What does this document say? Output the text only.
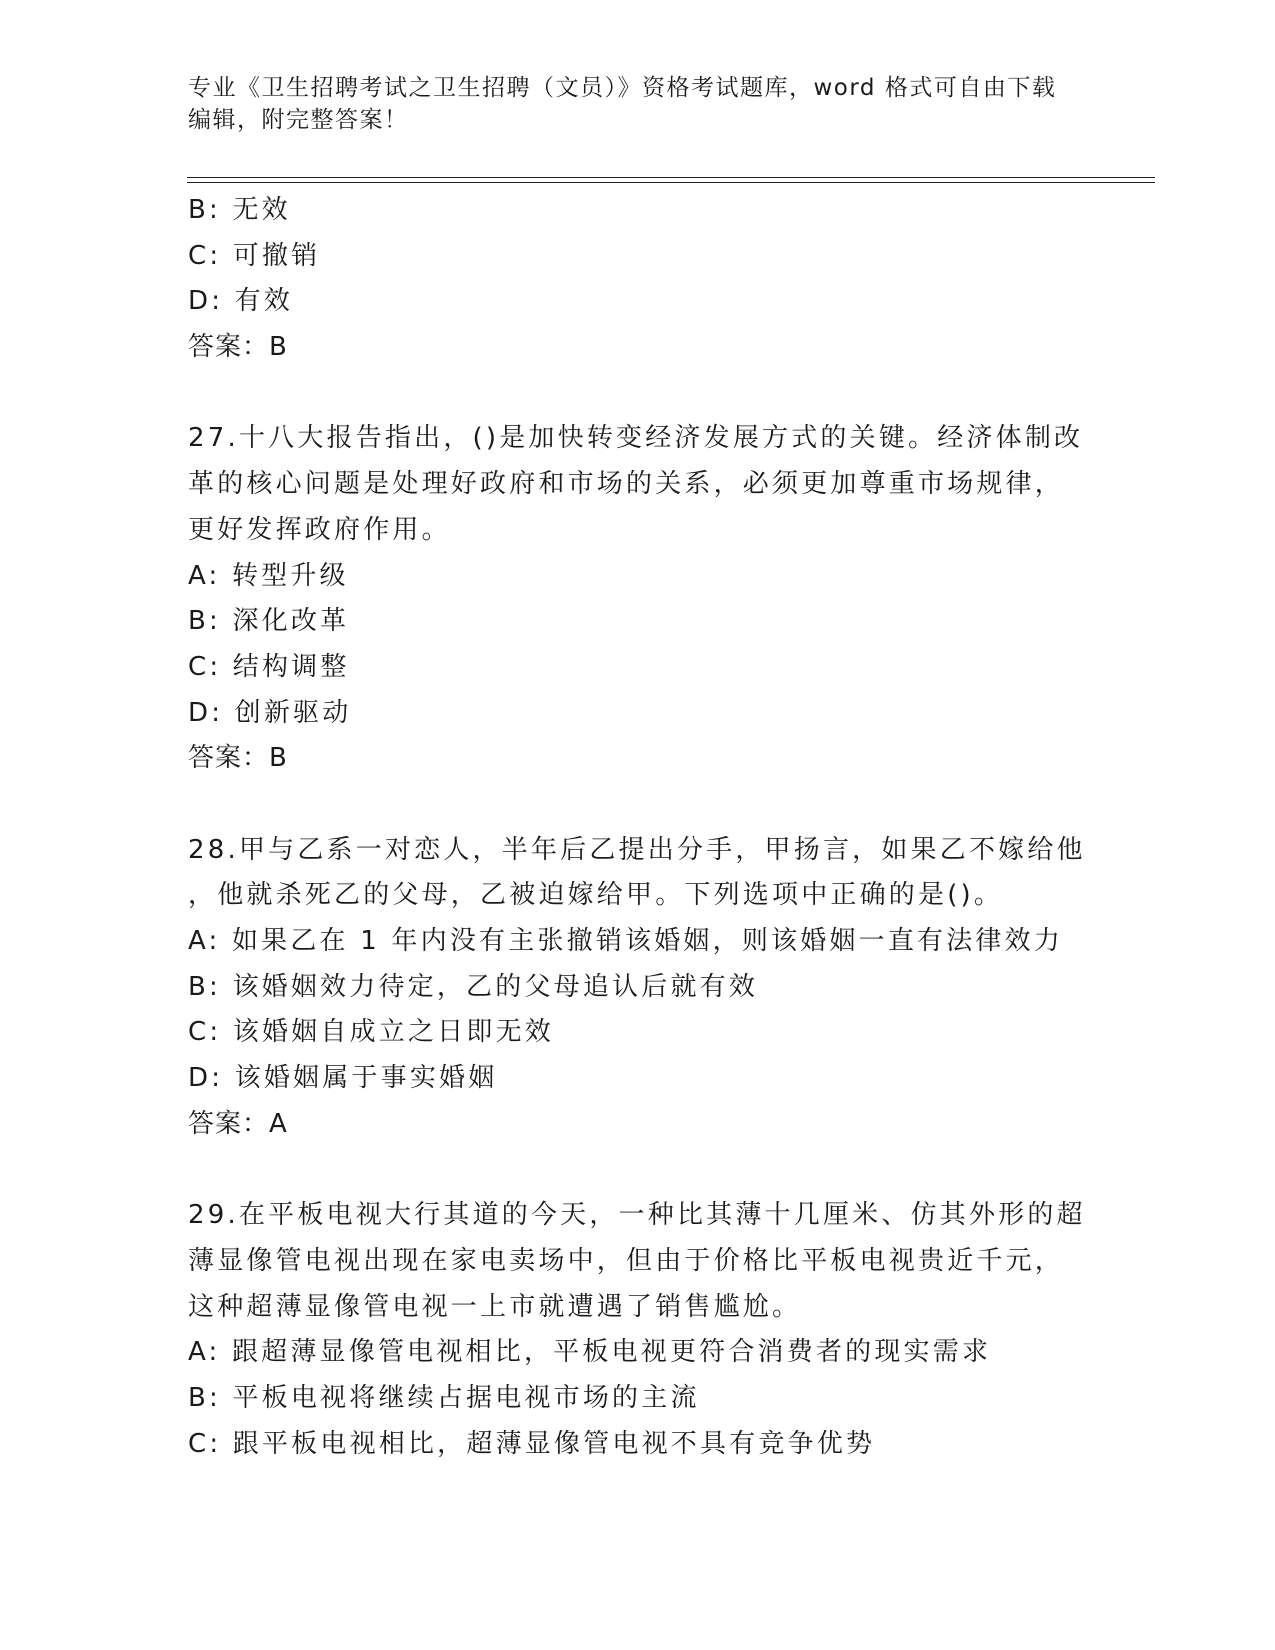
专业《卫生招聘考试之卫生招聘（文员）》资格考试题库，word 格式可自由下载
编辑，附完整答案！
B: 无效
C: 可撤销
D: 有效
答案：B
27.十八大报告指出，()是加快转变经济发展方式的关键。经济体制改
革的核心问题是处理好政府和市场的关系，必须更加尊重市场规律，
更好发挥政府作用。
A: 转型升级
B: 深化改革
C: 结构调整
D: 创新驱动
答案：B
28.甲与乙系一对恋人，半年后乙提出分手，甲扬言，如果乙不嫁给他
，他就杀死乙的父母，乙被迫嫁给甲。下列选项中正确的是()。
A: 如果乙在 1 年内没有主张撤销该婚姻，则该婚姻一直有法律效力
B: 该婚姻效力待定，乙的父母追认后就有效
C: 该婚姻自成立之日即无效
D: 该婚姻属于事实婚姻
答案：A
29.在平板电视大行其道的今天，一种比其薄十几厘米、仿其外形的超
薄显像管电视出现在家电卖场中，但由于价格比平板电视贵近千元，
这种超薄显像管电视一上市就遭遇了销售尴尬。
A: 跟超薄显像管电视相比，平板电视更符合消费者的现实需求
B: 平板电视将继续占据电视市场的主流
C: 跟平板电视相比，超薄显像管电视不具有竞争优势
